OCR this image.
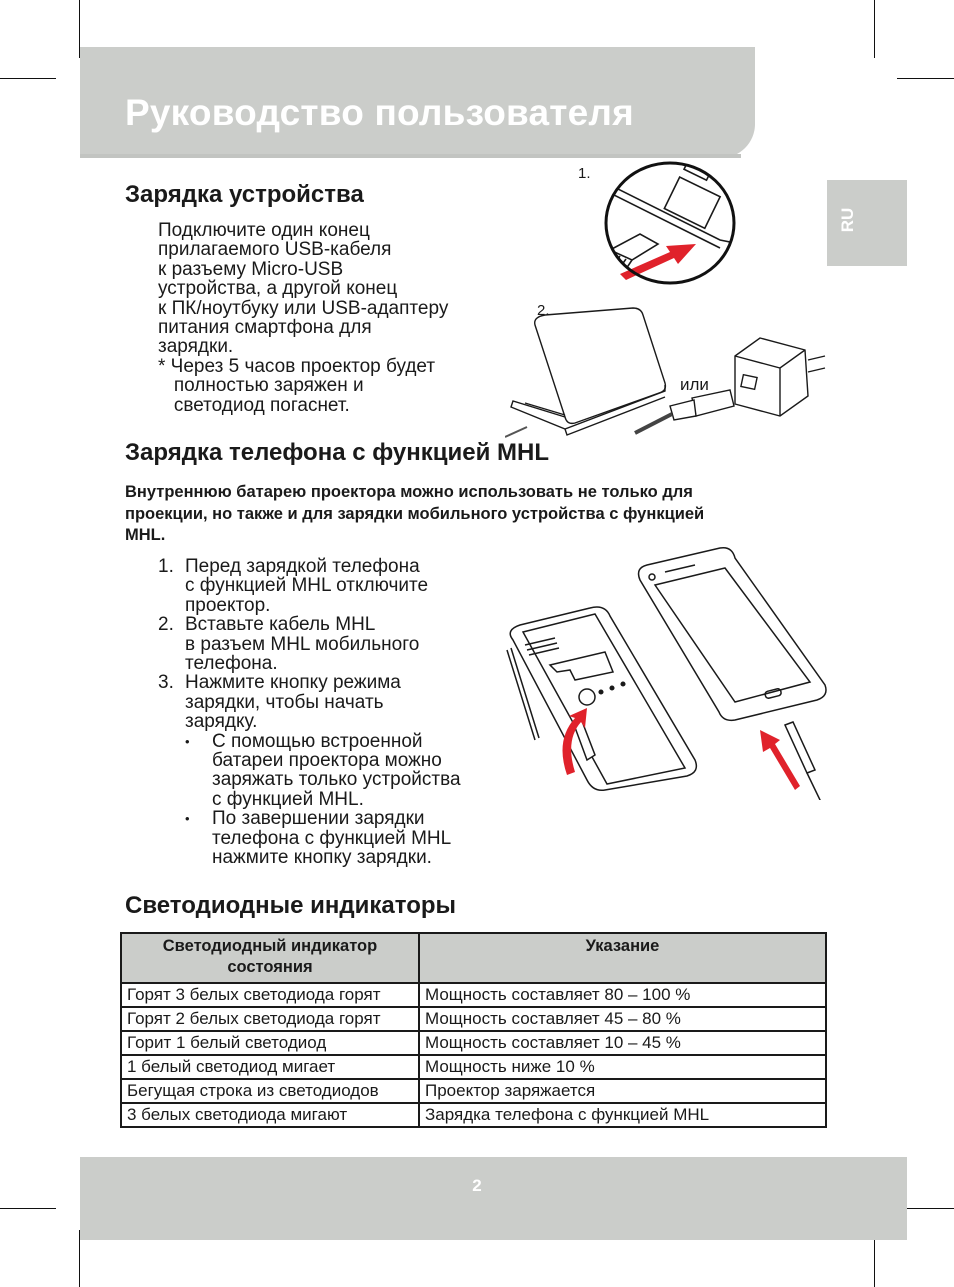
Руководство пользователя
RU
Зарядка устройства
Подключите один конец
прилагаемого USB-кабеля
к разъему Micro-USB
устройства, а другой конец
к ПК/ноутбуку или USB-адаптеру
питания смартфона для
зарядки.
* Через 5 часов проектор будет
полностью заряжен и
светодиод погаснет.
1.
2.
или
Зарядка телефона с функцией MHL
Внутреннюю батарею проектора можно использовать не только для
проекции, но также и для зарядки мобильного устройства с функцией
MHL.
1. Перед зарядкой телефона
с функцией MHL отключите
проектор.
2. Вставьте кабель MHL
в разъем MHL мобильного
телефона.
3. Нажмите кнопку режима
зарядки, чтобы начать
зарядку.
• С помощью встроенной
батареи проектора можно
заряжать только устройства
с функцией MHL.
• По завершении зарядки
телефона с функцией MHL
нажмите кнопку зарядки.
Светодиодные индикаторы
Светодиодный индикатор состояния	Указание
Горят 3 белых светодиода горят	Мощность составляет 80 – 100 %
Горят 2 белых светодиода горят	Мощность составляет 45 – 80 %
Горит 1 белый светодиод	Мощность составляет 10 – 45 %
1 белый светодиод мигает	Мощность ниже 10 %
Бегущая строка из светодиодов	Проектор заряжается
3 белых светодиода мигают	Зарядка телефона с функцией MHL
2
